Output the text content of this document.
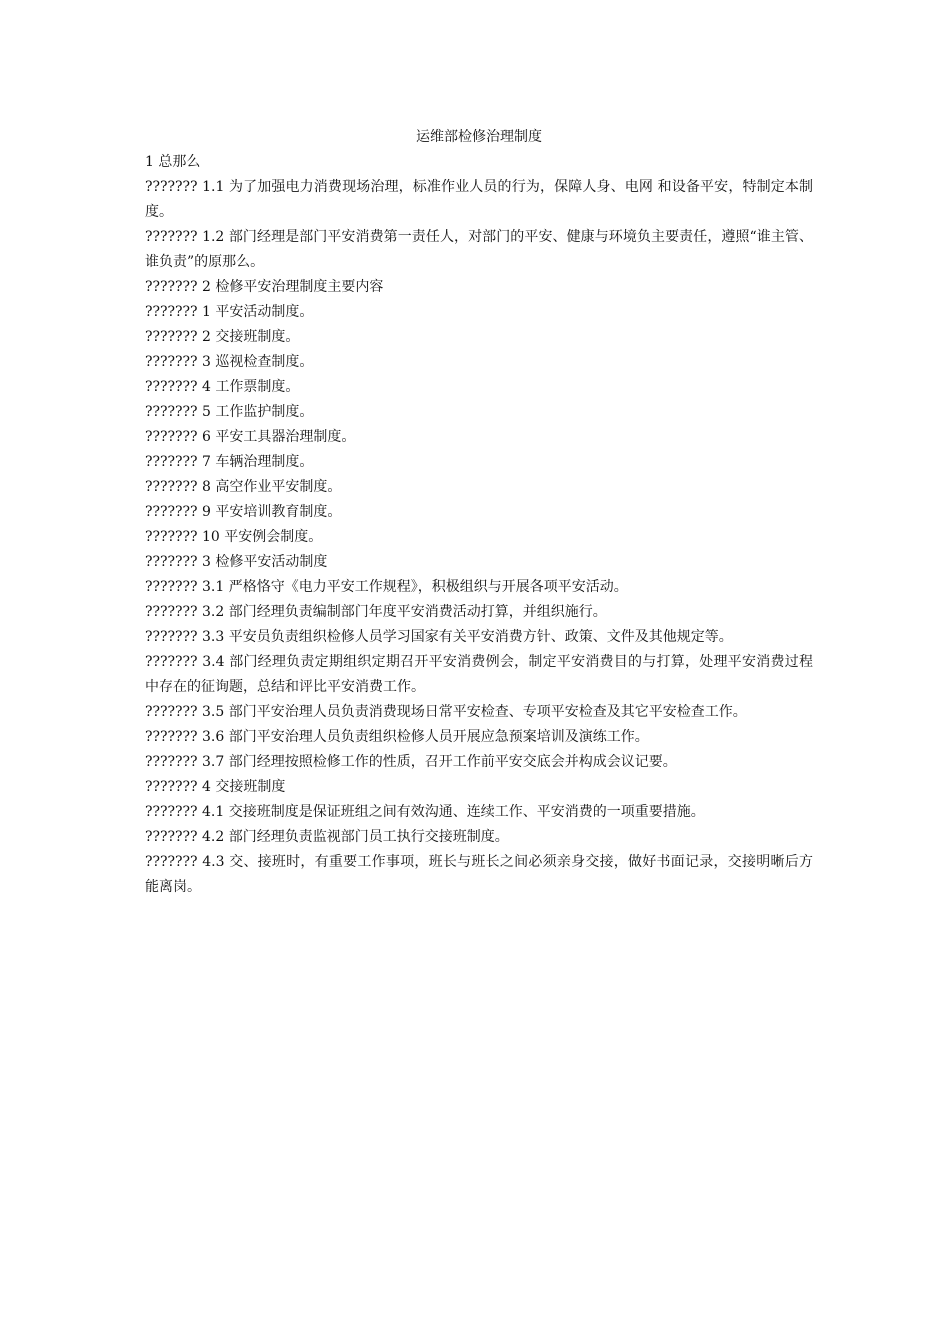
运维部检修治理制度

1 总那么

??????? 1.1 为了加强电力消费现场治理，标准作业人员的行为，保障人身、电网 和设备平安，特制定本制度。

??????? 1.2 部门经理是部门平安消费第一责任人，对部门的平安、健康与环境负主要责任，遵照“谁主管、谁负责”的原那么。

??????? 2 检修平安治理制度主要内容

??????? 1 平安活动制度。

??????? 2 交接班制度。

??????? 3 巡视检查制度。

??????? 4 工作票制度。

??????? 5 工作监护制度。

??????? 6 平安工具器治理制度。

??????? 7 车辆治理制度。

??????? 8 高空作业平安制度。

??????? 9 平安培训教育制度。

??????? 10 平安例会制度。

??????? 3 检修平安活动制度

??????? 3.1 严格恪守《电力平安工作规程》，积极组织与开展各项平安活动。

??????? 3.2 部门经理负责编制部门年度平安消费活动打算，并组织施行。

??????? 3.3 平安员负责组织检修人员学习国家有关平安消费方针、政策、文件及其他规定等。

??????? 3.4 部门经理负责定期组织定期召开平安消费例会，制定平安消费目的与打算，处理平安消费过程中存在的征询题，总结和评比平安消费工作。

??????? 3.5 部门平安治理人员负责消费现场日常平安检查、专项平安检查及其它平安检查工作。

??????? 3.6 部门平安治理人员负责组织检修人员开展应急预案培训及演练工作。

??????? 3.7 部门经理按照检修工作的性质，召开工作前平安交底会并构成会议记要。

??????? 4 交接班制度

??????? 4.1 交接班制度是保证班组之间有效沟通、连续工作、平安消费的一项重要措施。

??????? 4.2 部门经理负责监视部门员工执行交接班制度。

??????? 4.3 交、接班时，有重要工作事项，班长与班长之间必须亲身交接，做好书面记录，交接明晰后方能离岗。
